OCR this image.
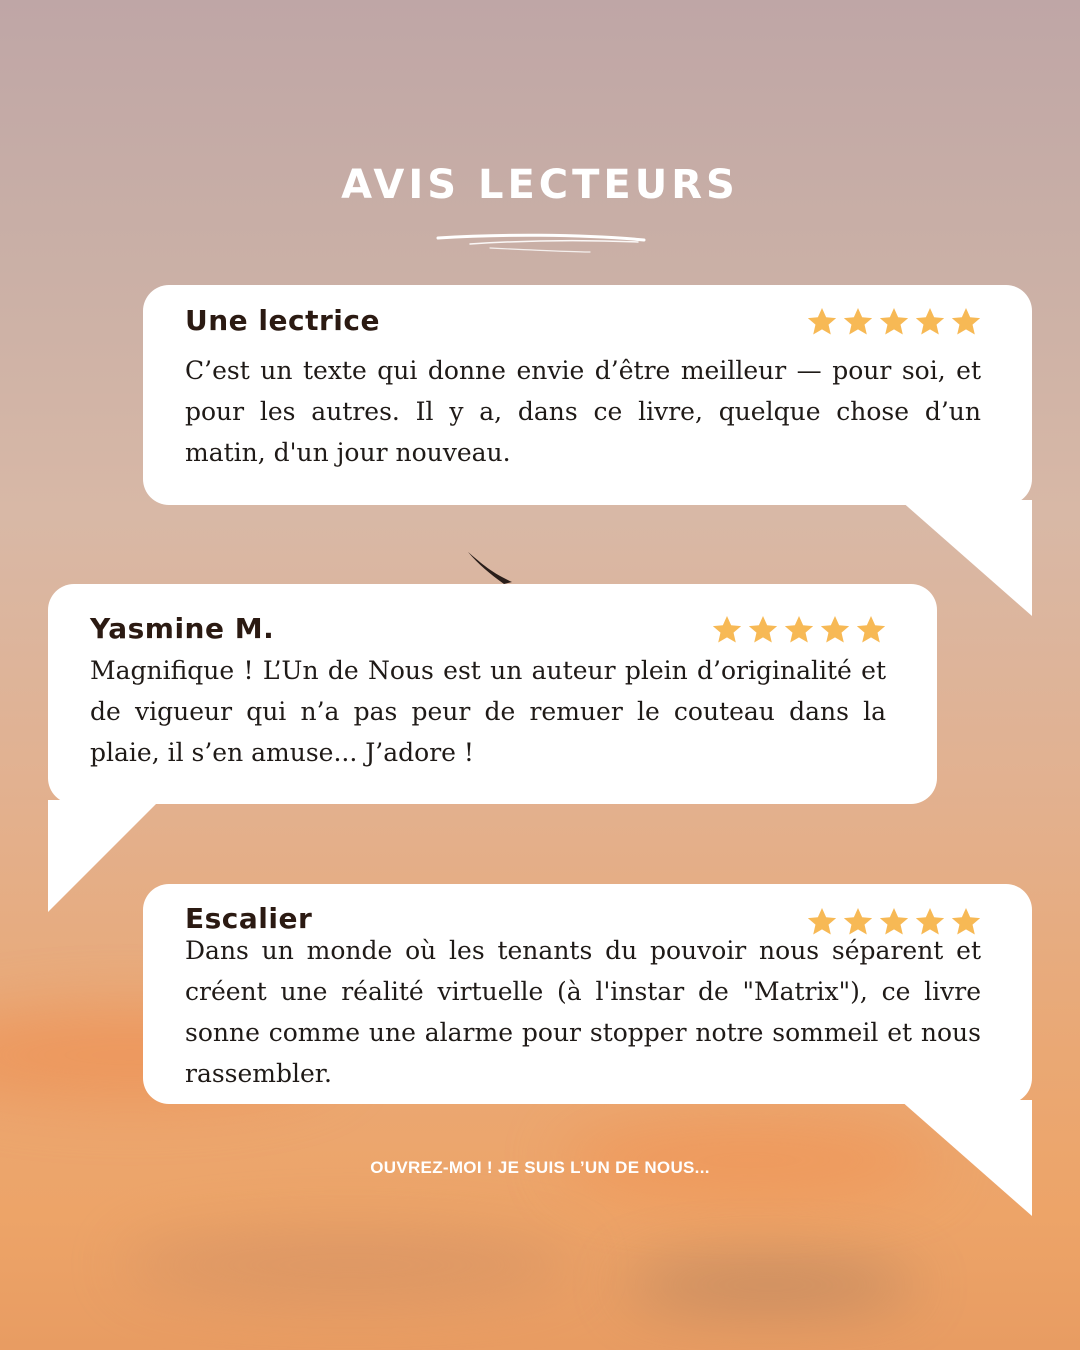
AVIS LECTEURS
Une lectrice

C’est un texte qui donne envie d’être meilleur — pour soi, et pour les autres. Il y a, dans ce livre, quelque chose d’un matin, d'un jour nouveau.

Yasmine M.

Magnifique ! L’Un de Nous est un auteur plein d’originalité et de vigueur qui n’a pas peur de remuer le couteau dans la plaie, il s’en amuse... J’adore !

Escalier

Dans un monde où les tenants du pouvoir nous séparent et créent une réalité virtuelle (à l'instar de "Matrix"), ce livre sonne comme une alarme pour stopper notre sommeil et nous rassembler.

OUVREZ-MOI ! JE SUIS L’UN DE NOUS...
